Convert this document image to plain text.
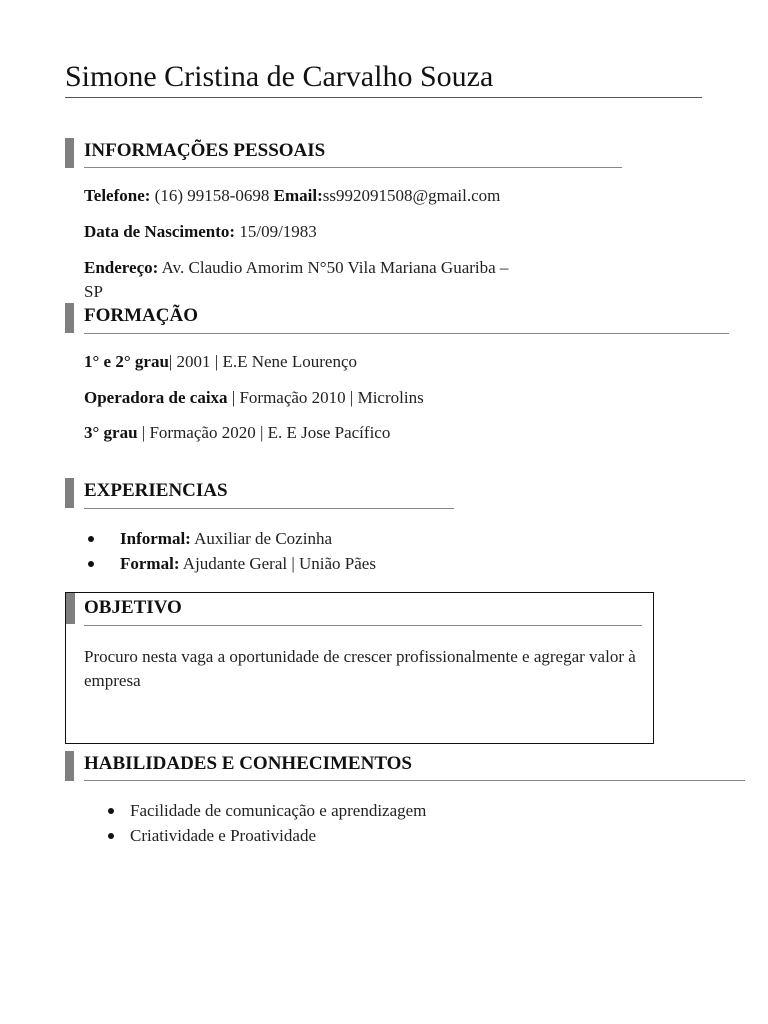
Simone Cristina de Carvalho Souza
INFORMAÇÕES PESSOAIS
Telefone: (16) 99158-0698 Email:ss992091508@gmail.com
Data de Nascimento: 15/09/1983
Endereço: Av. Claudio Amorim N°50 Vila Mariana Guariba –
SP
FORMAÇÃO
1° e 2° grau| 2001 | E.E Nene Lourenço
Operadora de caixa | Formação 2010 | Microlins
3° grau | Formação 2020 | E. E Jose Pacífico
EXPERIENCIAS
Informal: Auxiliar de Cozinha
Formal: Ajudante Geral | União Pães
OBJETIVO
Procuro nesta vaga a oportunidade de crescer profissionalmente e agregar valor à empresa
HABILIDADES E CONHECIMENTOS
Facilidade de comunicação e aprendizagem
Criatividade e Proatividade
